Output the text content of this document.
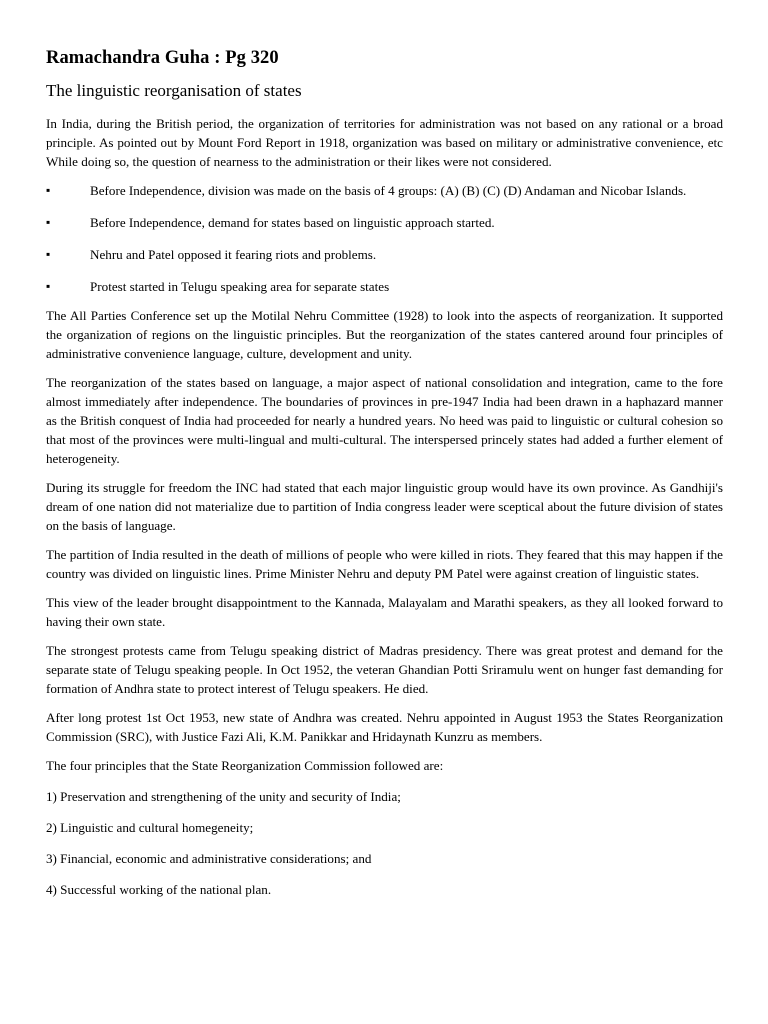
Ramachandra Guha : Pg 320
The linguistic reorganisation of states

In India, during the British period, the organization of territories for administration was not based on any rational or a broad principle. As pointed out by Mount Ford Report in 1918, organization was based on military or administrative convenience, etc While doing so, the question of nearness to the administration or their likes were not considered.

▪	Before Independence, division was made on the basis of 4 groups: (A) (B) (C) (D) Andaman and Nicobar Islands.
▪	Before Independence, demand for states based on linguistic approach started.
▪	Nehru and Patel opposed it fearing riots and problems.
▪	Protest started in Telugu speaking area for separate states

The All Parties Conference set up the Motilal Nehru Committee (1928) to look into the aspects of reorganization. It supported the organization of regions on the linguistic principles. But the reorganization of the states cantered around four principles of administrative convenience language, culture, development and unity.

The reorganization of the states based on language, a major aspect of national consolidation and integration, came to the fore almost immediately after independence. The boundaries of provinces in pre-1947 India had been drawn in a haphazard manner as the British conquest of India had proceeded for nearly a hundred years. No heed was paid to linguistic or cultural cohesion so that most of the provinces were multi-lingual and multi-cultural. The interspersed princely states had added a further element of heterogeneity.

During its struggle for freedom the INC had stated that each major linguistic group would have its own province. As Gandhiji's dream of one nation did not materialize due to partition of India congress leader were sceptical about the future division of states on the basis of language.

The partition of India resulted in the death of millions of people who were killed in riots. They feared that this may happen if the country was divided on linguistic lines. Prime Minister Nehru and deputy PM Patel were against creation of linguistic states.

This view of the leader brought disappointment to the Kannada, Malayalam and Marathi speakers, as they all looked forward to having their own state.

The strongest protests came from Telugu speaking district of Madras presidency. There was great protest and demand for the separate state of Telugu speaking people. In Oct 1952, the veteran Ghandian Potti Sriramulu went on hunger fast demanding for formation of Andhra state to protect interest of Telugu speakers. He died.

After long protest 1st Oct 1953, new state of Andhra was created. Nehru appointed in August 1953 the States Reorganization Commission (SRC), with Justice Fazi Ali, K.M. Panikkar and Hridaynath Kunzru as members.

The four principles that the State Reorganization Commission followed are:

1) Preservation and strengthening of the unity and security of India;
2) Linguistic and cultural homegeneity;
3) Financial, economic and administrative considerations; and
4) Successful working of the national plan.
